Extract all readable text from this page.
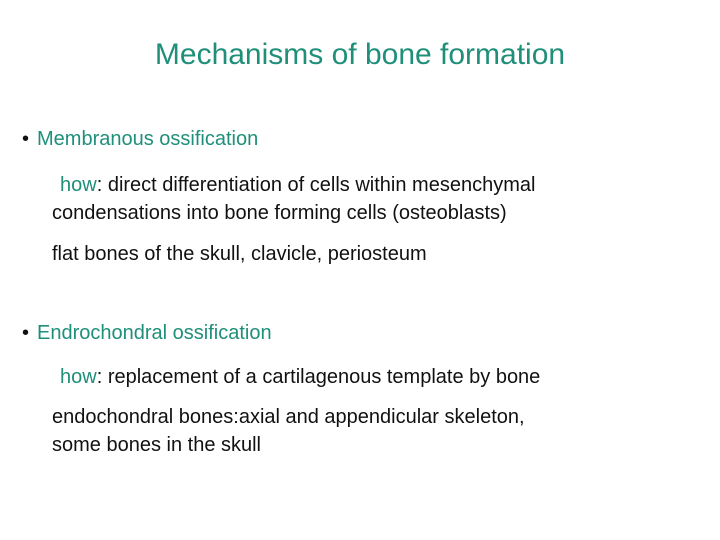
Mechanisms of bone formation
• Membranous ossification
how: direct differentiation of cells within mesenchymal
condensations into bone forming cells (osteoblasts)
flat bones of the skull, clavicle, periosteum
• Endrochondral ossification
how: replacement of a cartilagenous template by bone
endochondral bones:axial and appendicular skeleton,
some bones in the skull
